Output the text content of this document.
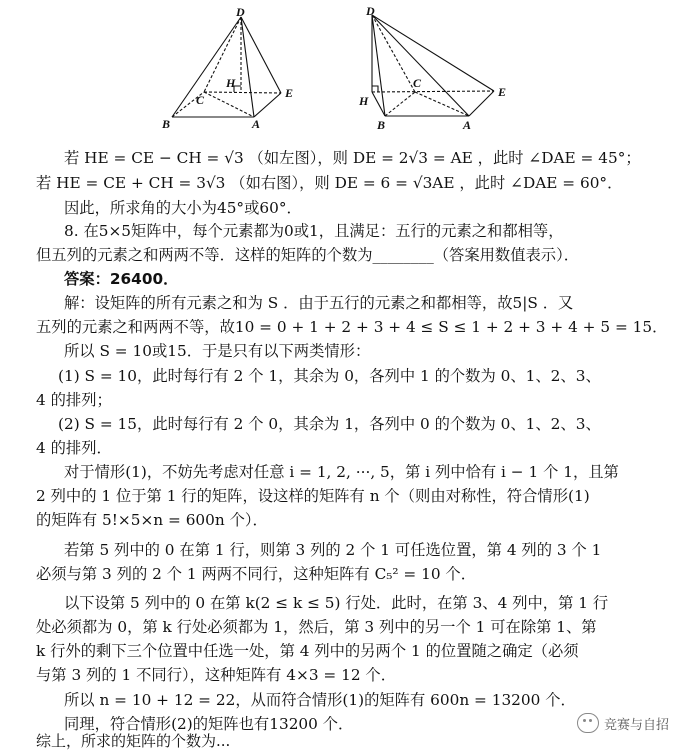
D
H
E
C
B	A
D
C
E
H
B	A
若 HE = CE − CH = √3 （如左图），则 DE = 2√3 = AE ，此时 ∠DAE = 45°；
若 HE = CE + CH = 3√3 （如右图），则 DE = 6 = √3AE ，此时 ∠DAE = 60°．
因此，所求角的大小为45°或60°．
8. 在5×5矩阵中，每个元素都为0或1，且满足：五行的元素之和都相等，
但五列的元素之和两两不等．这样的矩阵的个数为________（答案用数值表示）．
答案：26400．
解：设矩阵的所有元素之和为 S ．由于五行的元素之和都相等，故5|S ．又
五列的元素之和两两不等，故10 = 0 + 1 + 2 + 3 + 4 ≤ S ≤ 1 + 2 + 3 + 4 + 5 = 15．
所以 S = 10或15．于是只有以下两类情形：
(1) S = 10，此时每行有 2 个 1，其余为 0，各列中 1 的个数为 0、1、2、3、
4 的排列；
(2) S = 15，此时每行有 2 个 0，其余为 1，各列中 0 的个数为 0、1、2、3、
4 的排列．
对于情形(1)，不妨先考虑对任意 i = 1, 2, ···, 5，第 i 列中恰有 i − 1 个 1，且第
2 列中的 1 位于第 1 行的矩阵，设这样的矩阵有 n 个（则由对称性，符合情形(1)
的矩阵有 5!×5×n = 600n 个）．
若第 5 列中的 0 在第 1 行，则第 3 列的 2 个 1 可任选位置，第 4 列的 3 个 1
必须与第 3 列的 2 个 1 两两不同行，这种矩阵有 C₅² = 10 个．
以下设第 5 列中的 0 在第 k(2 ≤ k ≤ 5) 行处．此时，在第 3、4 列中，第 1 行
处必须都为 0，第 k 行处必须都为 1，然后，第 3 列中的另一个 1 可在除第 1、第
k 行外的剩下三个位置中任选一处，第 4 列中的另两个 1 的位置随之确定（必须
与第 3 列的 1 不同行），这种矩阵有 4×3 = 12 个．
所以 n = 10 + 12 = 22，从而符合情形(1)的矩阵有 600n = 13200 个．
同理，符合情形(2)的矩阵也有13200 个．
综上，所求的矩阵的个数为...
竞赛与自招
